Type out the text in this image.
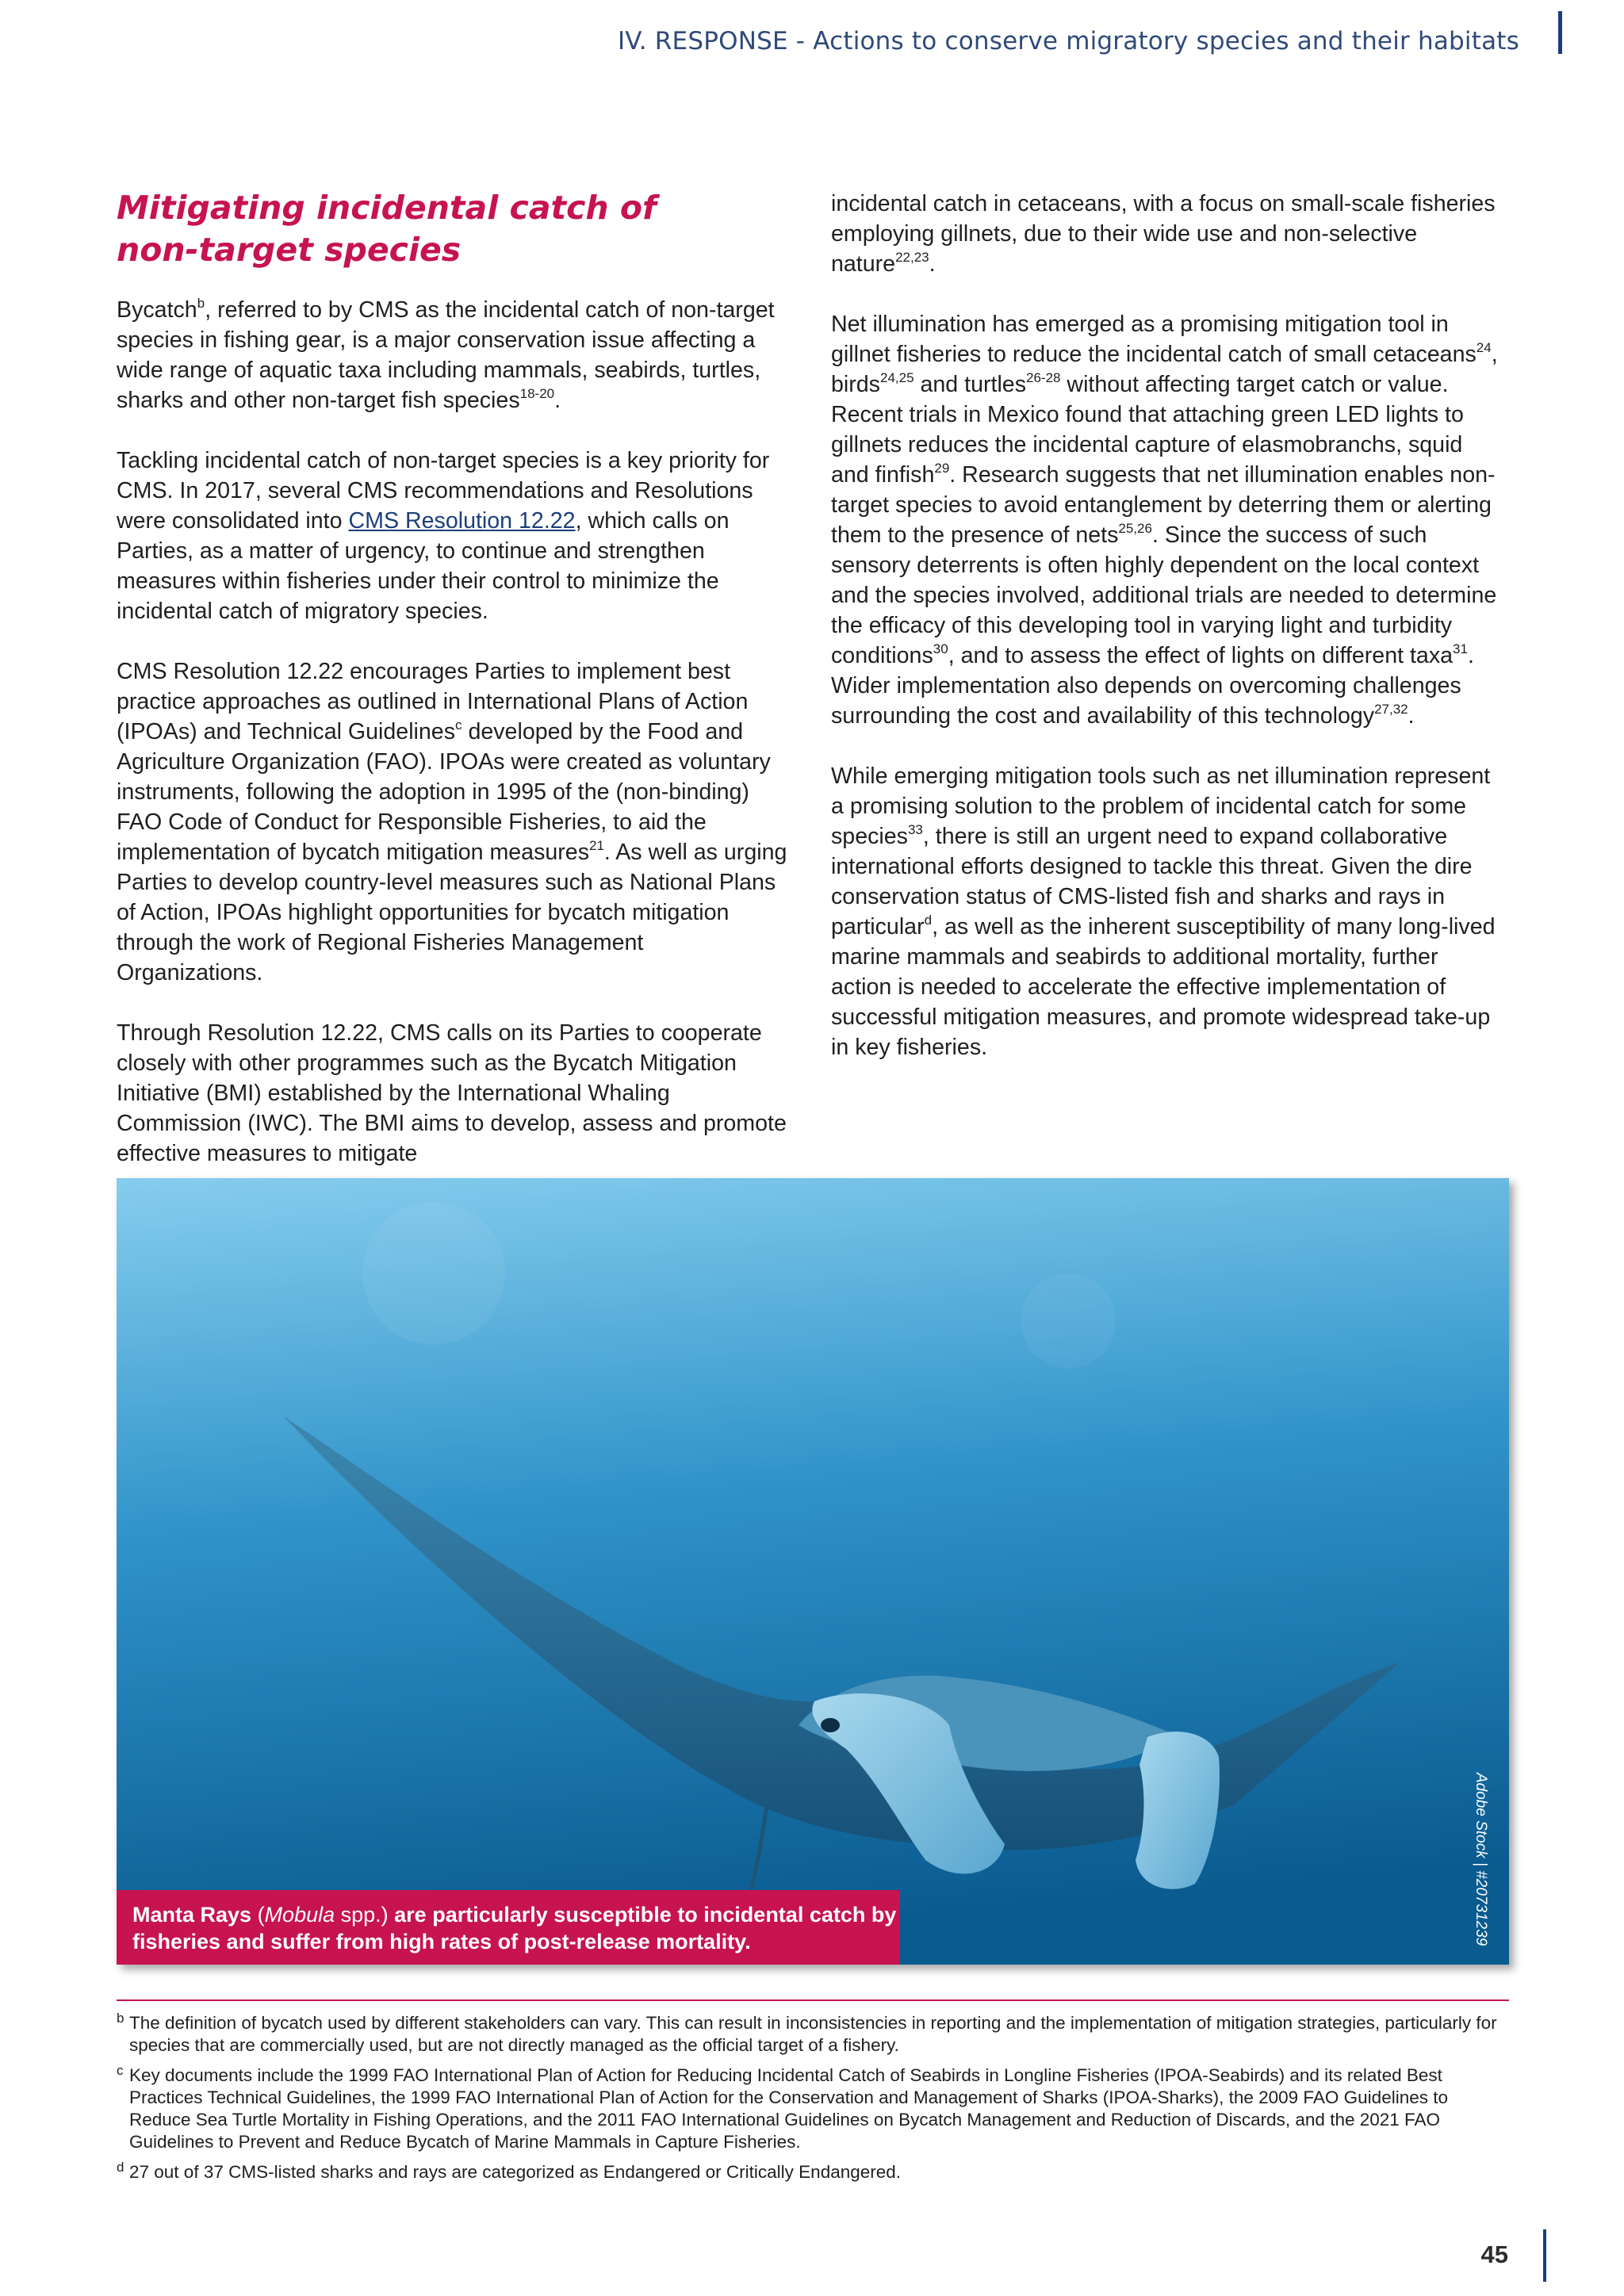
IV. RESPONSE - Actions to conserve migratory species and their habitats
Mitigating incidental catch of non-target species

Bycatch$^b$, referred to by CMS as the incidental catch of non-target species in fishing gear, is a major conservation issue affecting a wide range of aquatic taxa including mammals, seabirds, turtles, sharks and other non-target fish species$^{18-20}$.

Tackling incidental catch of non-target species is a key priority for CMS. In 2017, several CMS recommendations and Resolutions were consolidated into CMS Resolution 12.22, which calls on Parties, as a matter of urgency, to continue and strengthen measures within fisheries under their control to minimize the incidental catch of migratory species.

CMS Resolution 12.22 encourages Parties to implement best practice approaches as outlined in International Plans of Action (IPOAs) and Technical Guidelines$^c$ developed by the Food and Agriculture Organization (FAO). IPOAs were created as voluntary instruments, following the adoption in 1995 of the (non-binding) FAO Code of Conduct for Responsible Fisheries, to aid the implementation of bycatch mitigation measures$^{21}$. As well as urging Parties to develop country-level measures such as National Plans of Action, IPOAs highlight opportunities for bycatch mitigation through the work of Regional Fisheries Management Organizations.

Through Resolution 12.22, CMS calls on its Parties to cooperate closely with other programmes such as the Bycatch Mitigation Initiative (BMI) established by the International Whaling Commission (IWC). The BMI aims to develop, assess and promote effective measures to mitigate

incidental catch in cetaceans, with a focus on small-scale fisheries employing gillnets, due to their wide use and non-selective nature$^{22,23}$.

Net illumination has emerged as a promising mitigation tool in gillnet fisheries to reduce the incidental catch of small cetaceans$^{24}$, birds$^{24,25}$ and turtles$^{26-28}$ without affecting target catch or value. Recent trials in Mexico found that attaching green LED lights to gillnets reduces the incidental capture of elasmobranchs, squid and finfish$^{29}$. Research suggests that net illumination enables non-target species to avoid entanglement by deterring them or alerting them to the presence of nets$^{25,26}$. Since the success of such sensory deterrents is often highly dependent on the local context and the species involved, additional trials are needed to determine the efficacy of this developing tool in varying light and turbidity conditions$^{30}$, and to assess the effect of lights on different taxa$^{31}$. Wider implementation also depends on overcoming challenges surrounding the cost and availability of this technology$^{27,32}$.

While emerging mitigation tools such as net illumination represent a promising solution to the problem of incidental catch for some species$^{33}$, there is still an urgent need to expand collaborative international efforts designed to tackle this threat. Given the dire conservation status of CMS-listed fish and sharks and rays in particular$^d$, as well as the inherent susceptibility of many long-lived marine mammals and seabirds to additional mortality, further action is needed to accelerate the effective implementation of successful mitigation measures, and promote widespread take-up in key fisheries.

Manta Rays (Mobula spp.) are particularly susceptible to incidental catch by fisheries and suffer from high rates of post-release mortality.	Adobe Stock | #20731239
b The definition of bycatch used by different stakeholders can vary. This can result in inconsistencies in reporting and the implementation of mitigation strategies, particularly for species that are commercially used, but are not directly managed as the official target of a fishery.
c Key documents include the 1999 FAO International Plan of Action for Reducing Incidental Catch of Seabirds in Longline Fisheries (IPOA-Seabirds) and its related Best Practices Technical Guidelines, the 1999 FAO International Plan of Action for the Conservation and Management of Sharks (IPOA-Sharks), the 2009 FAO Guidelines to Reduce Sea Turtle Mortality in Fishing Operations, and the 2011 FAO International Guidelines on Bycatch Management and Reduction of Discards, and the 2021 FAO Guidelines to Prevent and Reduce Bycatch of Marine Mammals in Capture Fisheries.
d 27 out of 37 CMS-listed sharks and rays are categorized as Endangered or Critically Endangered.
45
